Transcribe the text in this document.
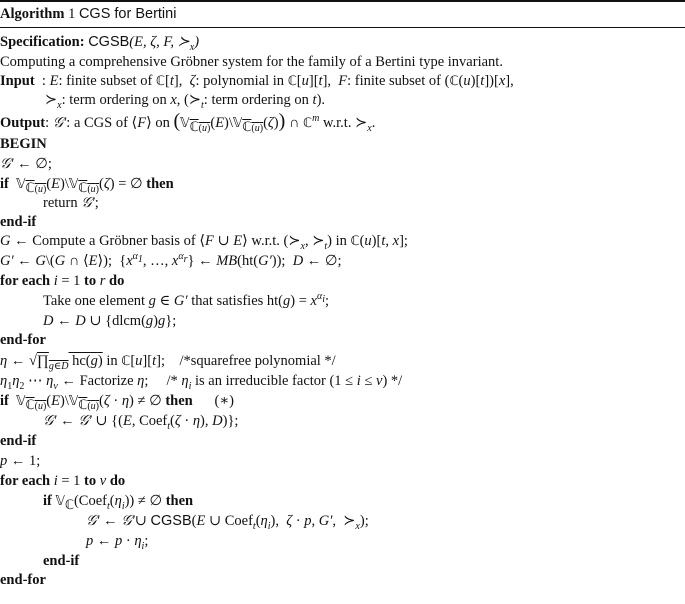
Algorithm 1 CGS for Bertini
Specification: CGSB(E, ζ, F, $≻_x$)
Computing a comprehensive Gröbner system for the family of a Bertini type invariant.
Input  : E: finite subset of ℂ[t],  ζ: polynomial in ℂ[u][t],  F: finite subset of (ℂ(u)[t])[x],
$≻_x$: term ordering on x, ($≻_t$: term ordering on t).
Output: 𝒢′: a CGS of ⟨F⟩ on (𝕍$_{ℂ(u)}$(E)\𝕍$_{ℂ(u)}$(ζ)) ∩ ℂ$^m$ w.r.t. $≻_x$.
BEGIN
𝒢′ ← ∅;
if 𝕍$_{ℂ(u)}$(E)\𝕍$_{ℂ(u)}$(ζ) = ∅ then
return 𝒢′;
end-if
G ← Compute a Gröbner basis of ⟨F ∪ E⟩ w.r.t. ($≻_x$, $≻_t$) in ℂ(u)[t, x];
G′ ← G\(G ∩ ⟨E⟩);  {$x^{\alpha_1}$, …, $x^{\alpha_r}$} ← MB(ht(G′));  D ← ∅;
for each i = 1 to r do
Take one element g ∈ G′ that satisfies $ht(g) = x^{\alpha_i}$;
D ← D ∪ {dlcm(g)g};
end-for
η ← $√\prod_{g\in D}$ hc(g) in ℂ[u][t];    /*squarefree polynomial */
$\eta_1\eta_2$ ⋯ $\eta_\nu$ ← Factorize η;     /* $\eta_i$ is an irreducible factor (1 ≤ i ≤ ν) */
if 𝕍$_{ℂ(u)}$(E)\𝕍$_{ℂ(u)}$(ζ · η) ≠ ∅ then (∗)
𝒢′ ← 𝒢′ ∪ {(E, Coef$_t$(ζ · η), D)};
end-if
p ← 1;
for each i = 1 to ν do
if $𝕍_ℂ(Coef_t(\eta_i))$ ≠ ∅ then
𝒢′ ← 𝒢′∪ CGSB(E ∪ $Coef_t(\eta_i)$,  ζ · p, G′,  $≻_x$);
p ← $p \cdot \eta_i$;
end-if
end-for
